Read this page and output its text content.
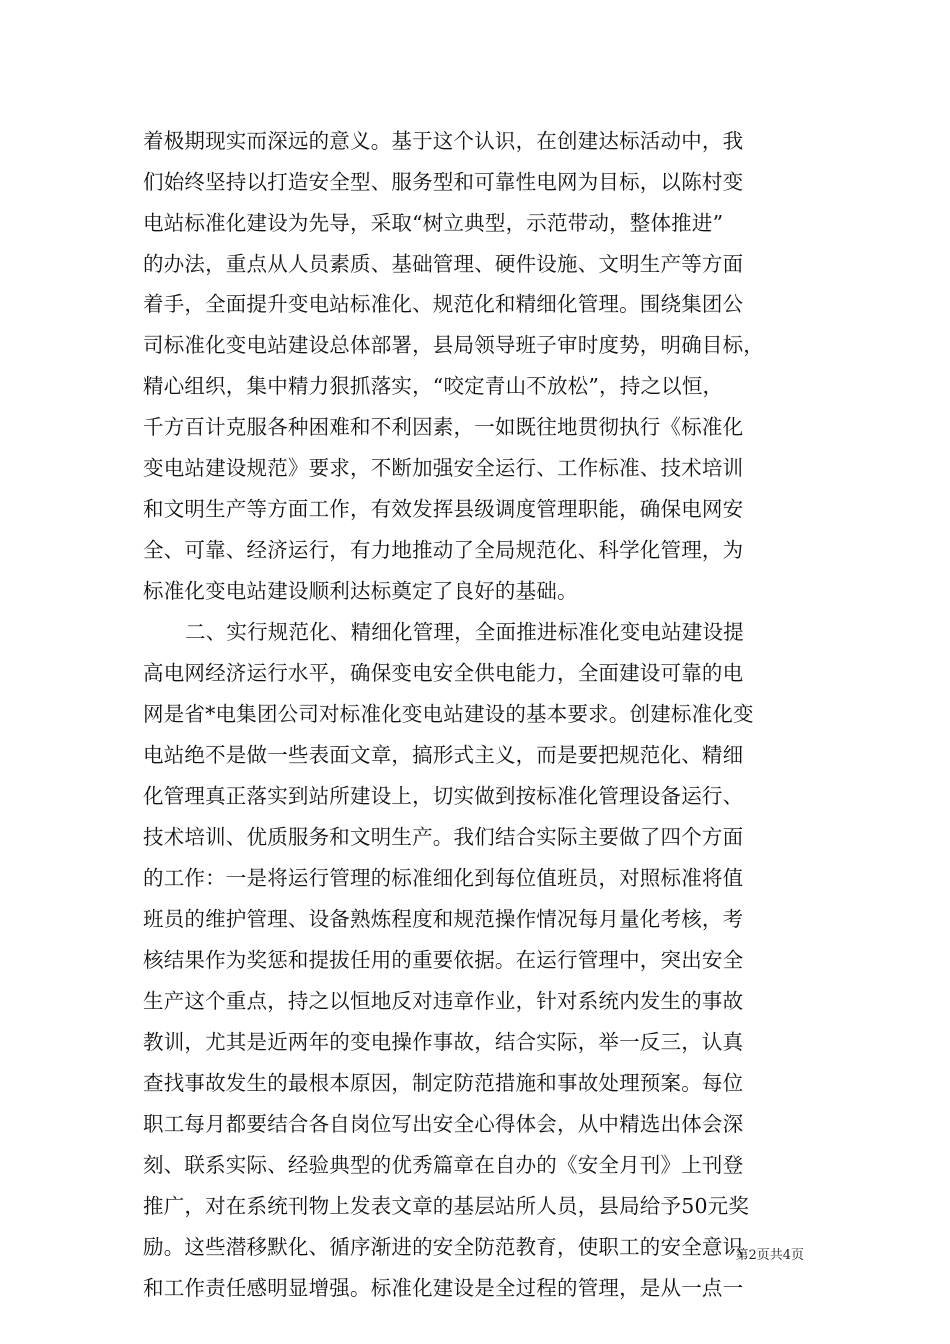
着极期现实而深远的意义。基于这个认识，在创建达标活动中，我
们始终坚持以打造安全型、服务型和可靠性电网为目标，以陈村变
电站标准化建设为先导，采取“树立典型，示范带动，整体推进”
的办法，重点从人员素质、基础管理、硬件设施、文明生产等方面
着手，全面提升变电站标准化、规范化和精细化管理。围绕集团公
司标准化变电站建设总体部署，县局领导班子审时度势，明确目标，
精心组织，集中精力狠抓落实，“咬定青山不放松”，持之以恒，
千方百计克服各种困难和不利因素，一如既往地贯彻执行《标准化
变电站建设规范》要求，不断加强安全运行、工作标准、技术培训
和文明生产等方面工作，有效发挥县级调度管理职能，确保电网安
全、可靠、经济运行，有力地推动了全局规范化、科学化管理，为
标准化变电站建设顺利达标奠定了良好的基础。
二、实行规范化、精细化管理，全面推进标准化变电站建设提
高电网经济运行水平，确保变电安全供电能力，全面建设可靠的电
网是省*电集团公司对标准化变电站建设的基本要求。创建标准化变
电站绝不是做一些表面文章，搞形式主义，而是要把规范化、精细
化管理真正落实到站所建设上，切实做到按标准化管理设备运行、
技术培训、优质服务和文明生产。我们结合实际主要做了四个方面
的工作：一是将运行管理的标准细化到每位值班员，对照标准将值
班员的维护管理、设备熟炼程度和规范操作情况每月量化考核，考
核结果作为奖惩和提拔任用的重要依据。在运行管理中，突出安全
生产这个重点，持之以恒地反对违章作业，针对系统内发生的事故
教训，尤其是近两年的变电操作事故，结合实际，举一反三，认真
查找事故发生的最根本原因，制定防范措施和事故处理预案。每位
职工每月都要结合各自岗位写出安全心得体会，从中精选出体会深
刻、联系实际、经验典型的优秀篇章在自办的《安全月刊》上刊登
推广，对在系统刊物上发表文章的基层站所人员，县局给予50元奖
励。这些潜移默化、循序渐进的安全防范教育，使职工的安全意识
和工作责任感明显增强。标准化建设是全过程的管理，是从一点一
第2页共4页
